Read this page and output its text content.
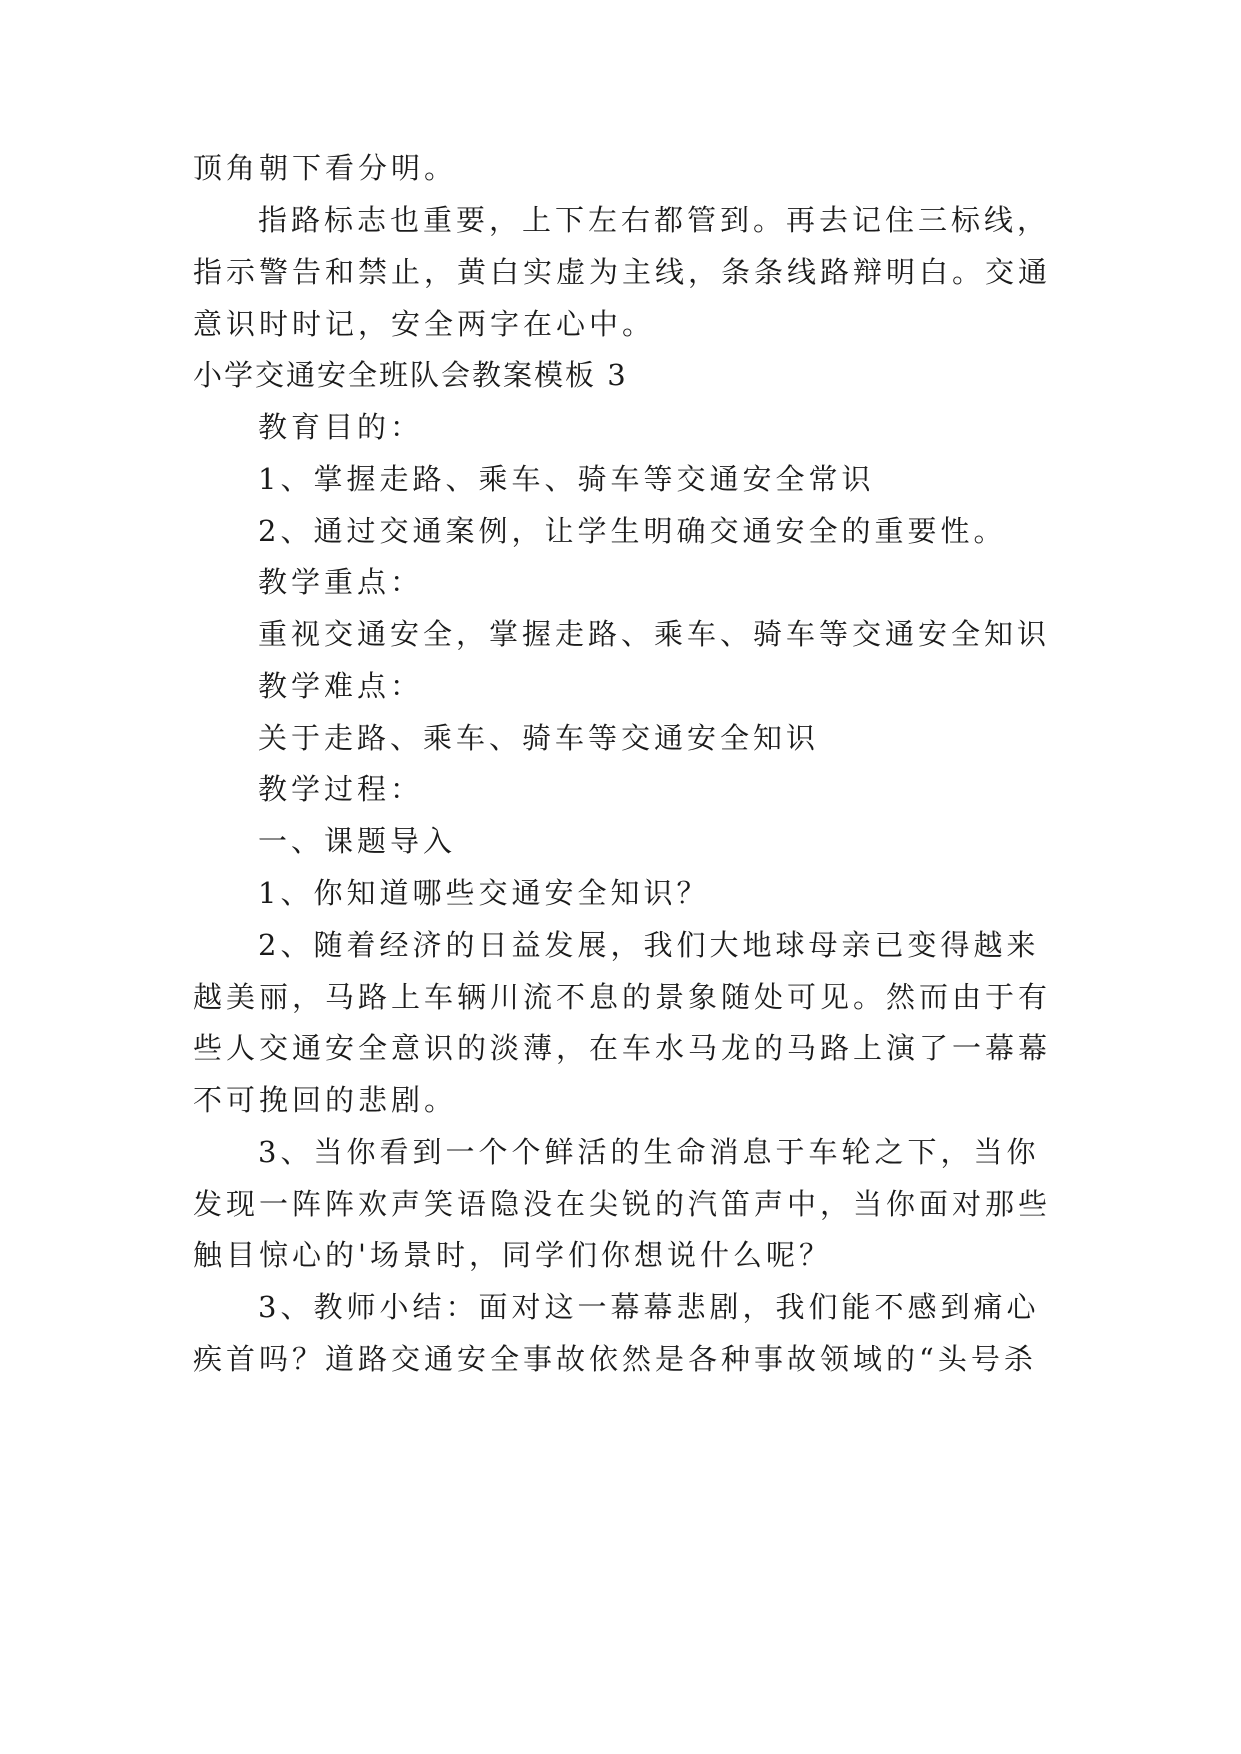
顶角朝下看分明。
指路标志也重要，上下左右都管到。再去记住三标线，
指示警告和禁止，黄白实虚为主线，条条线路辩明白。交通
意识时时记，安全两字在心中。
小学交通安全班队会教案模板 3
教育目的：
1、掌握走路、乘车、骑车等交通安全常识
2、通过交通案例，让学生明确交通安全的重要性。
教学重点：
重视交通安全，掌握走路、乘车、骑车等交通安全知识
教学难点：
关于走路、乘车、骑车等交通安全知识
教学过程：
一、课题导入
1、你知道哪些交通安全知识？
2、随着经济的日益发展，我们大地球母亲已变得越来
越美丽，马路上车辆川流不息的景象随处可见。然而由于有
些人交通安全意识的淡薄，在车水马龙的马路上演了一幕幕
不可挽回的悲剧。
3、当你看到一个个鲜活的生命消息于车轮之下，当你
发现一阵阵欢声笑语隐没在尖锐的汽笛声中，当你面对那些
触目惊心的'场景时，同学们你想说什么呢？
3、教师小结：面对这一幕幕悲剧，我们能不感到痛心
疾首吗？道路交通安全事故依然是各种事故领域的“头号杀
